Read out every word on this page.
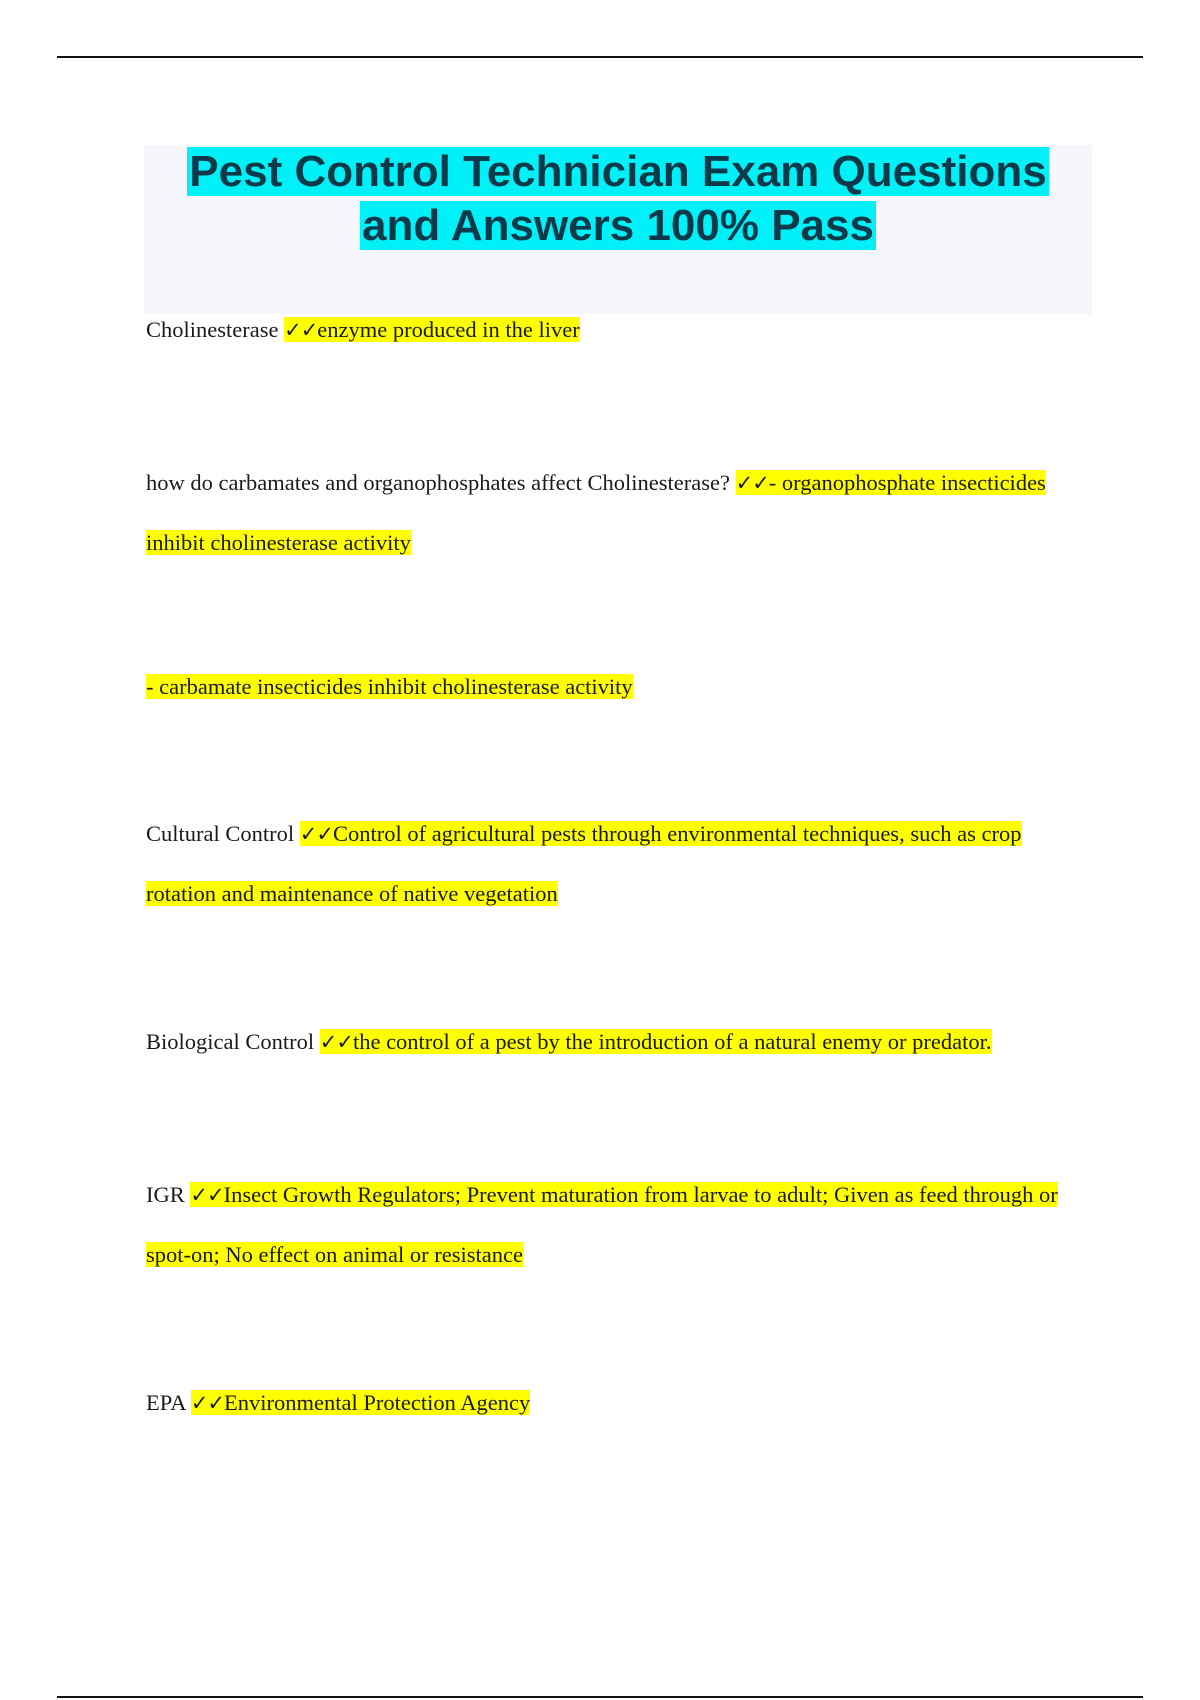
Pest Control Technician Exam Questions
and Answers 100% Pass

Cholinesterase ✓✓enzyme produced in the liver

how do carbamates and organophosphates affect Cholinesterase? ✓✓- organophosphate insecticides inhibit cholinesterase activity

- carbamate insecticides inhibit cholinesterase activity

Cultural Control ✓✓Control of agricultural pests through environmental techniques, such as crop rotation and maintenance of native vegetation

Biological Control ✓✓the control of a pest by the introduction of a natural enemy or predator.

IGR ✓✓Insect Growth Regulators; Prevent maturation from larvae to adult; Given as feed through or spot-on; No effect on animal or resistance

EPA ✓✓Environmental Protection Agency
